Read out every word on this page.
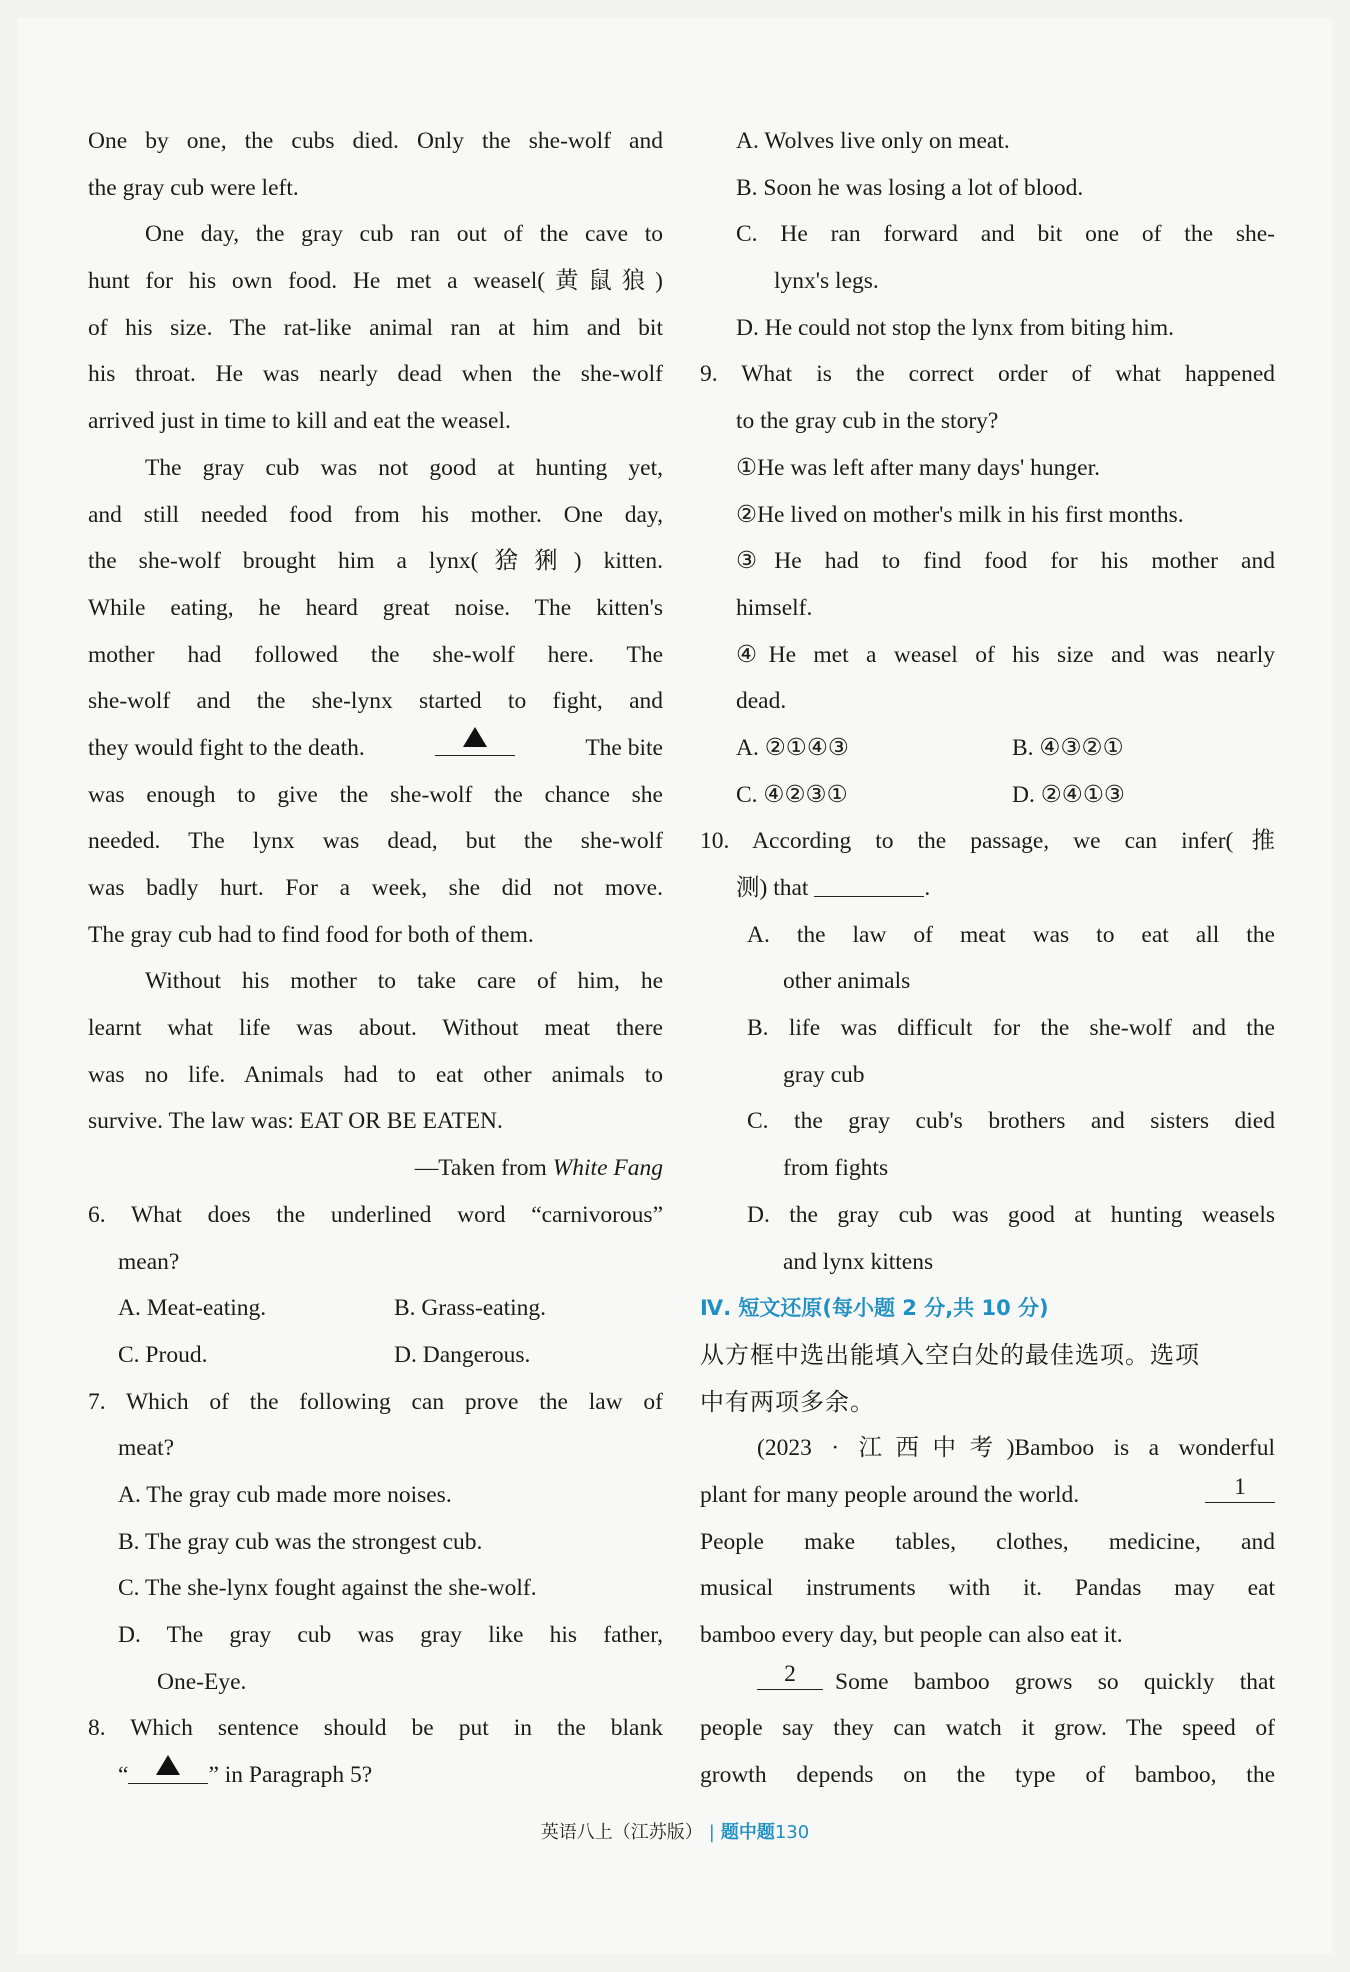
One by one, the cubs died. Only the she-wolf and
the gray cub were left.
One day, the gray cub ran out of the cave to
hunt for his own food. He met a weasel(黄鼠狼)
of his size. The rat-like animal ran at him and bit
his throat. He was nearly dead when the she-wolf
arrived just in time to kill and eat the weasel.
The gray cub was not good at hunting yet,
and still needed food from his mother. One day,
the she-wolf brought him a lynx(猞猁) kitten.
While eating, he heard great noise. The kitten's
mother had followed the she-wolf here. The
she-wolf and the she-lynx started to fight, and
they would fight to the death.	The bite
was enough to give the she-wolf the chance she
needed. The lynx was dead, but the she-wolf
was badly hurt. For a week, she did not move.
The gray cub had to find food for both of them.
Without his mother to take care of him, he
learnt what life was about. Without meat there
was no life. Animals had to eat other animals to
survive. The law was: EAT OR BE EATEN.
—Taken from White Fang
6. What does the underlined word “carnivorous”
mean?
A. Meat-eating.	B. Grass-eating.
C. Proud.	D. Dangerous.
7. Which of the following can prove the law of
meat?
A. The gray cub made more noises.
B. The gray cub was the strongest cub.
C. The she-lynx fought against the she-wolf.
D. The gray cub was gray like his father,
One-Eye.
8. Which sentence should be put in the blank
“	” in Paragraph 5?
A. Wolves live only on meat.
B. Soon he was losing a lot of blood.
C. He ran forward and bit one of the she-
lynx's legs.
D. He could not stop the lynx from biting him.
9. What is the correct order of what happened
to the gray cub in the story?
①He was left after many days' hunger.
②He lived on mother's milk in his first months.
③He had to find food for his mother and
himself.
④He met a weasel of his size and was nearly
dead.
A. ②①④③	B. ④③②①
C. ④②③①	D. ②④①③
10. According to the passage, we can infer(推
测) that	.
A. the law of meat was to eat all the
other animals
B. life was difficult for the she-wolf and the
gray cub
C. the gray cub's brothers and sisters died
from fights
D. the gray cub was good at hunting weasels
and lynx kittens
Ⅳ. 短文还原(每小题 2 分,共 10 分)
从方框中选出能填入空白处的最佳选项。选项
中有两项多余。
(2023 · 江西中考)Bamboo is a wonderful
plant for many people around the world.	1
People make tables, clothes, medicine, and
musical instruments with it. Pandas may eat
bamboo every day, but people can also eat it.
2	Some bamboo grows so quickly that
people say they can watch it grow. The speed of
growth depends on the type of bamboo, the
英语八上（江苏版） | 题中题130
